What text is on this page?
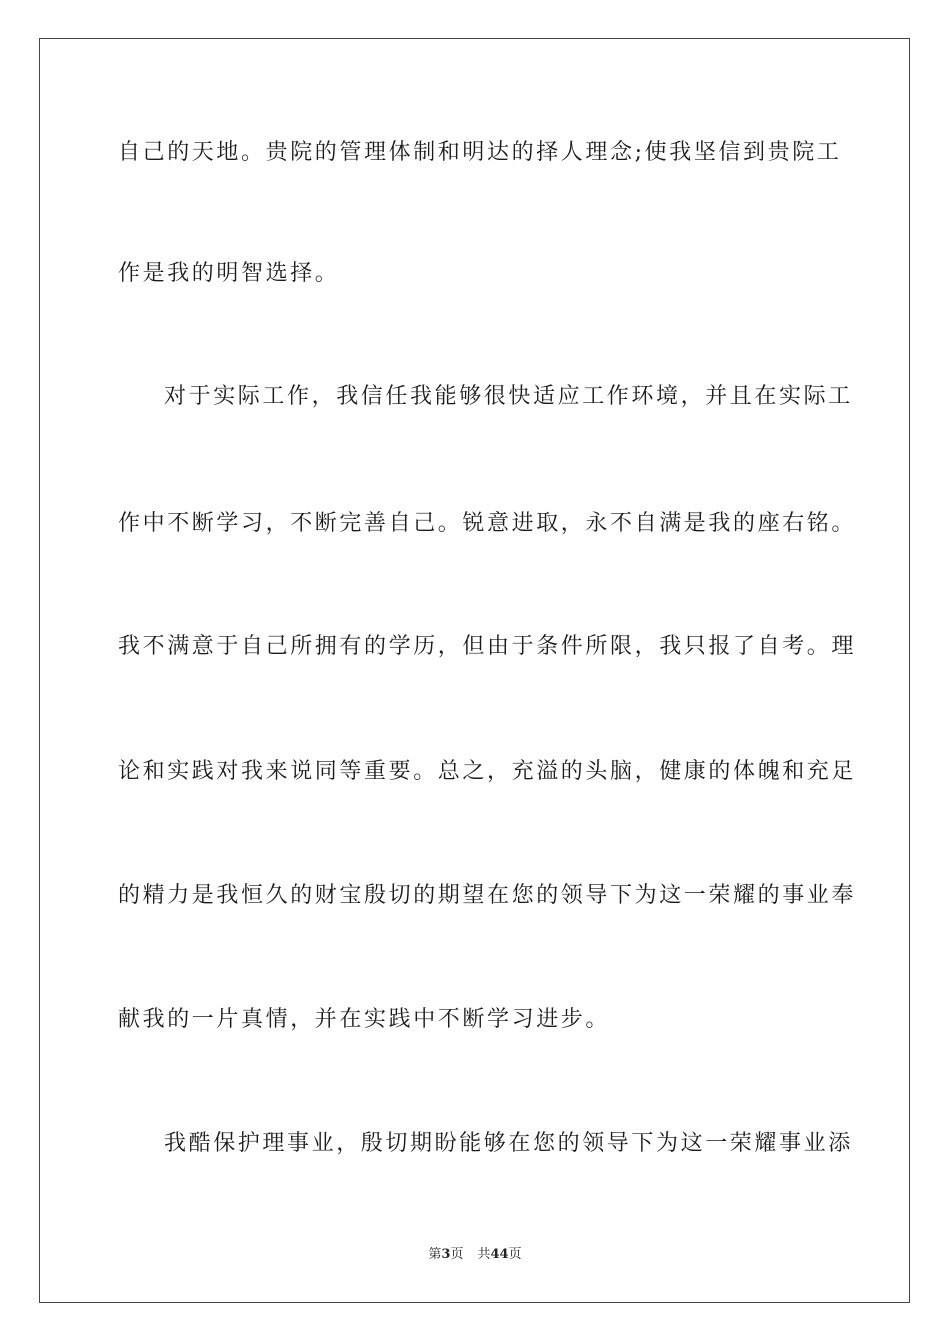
自己的天地。贵院的管理体制和明达的择人理念;使我坚信到贵院工
作是我的明智选择。
对于实际工作，我信任我能够很快适应工作环境，并且在实际工
作中不断学习，不断完善自己。锐意进取，永不自满是我的座右铭。
我不满意于自己所拥有的学历，但由于条件所限，我只报了自考。理
论和实践对我来说同等重要。总之，充溢的头脑，健康的体魄和充足
的精力是我恒久的财宝殷切的期望在您的领导下为这一荣耀的事业奉
献我的一片真情，并在实践中不断学习进步。
我酷保护理事业，殷切期盼能够在您的领导下为这一荣耀事业添
第3页 共44页
